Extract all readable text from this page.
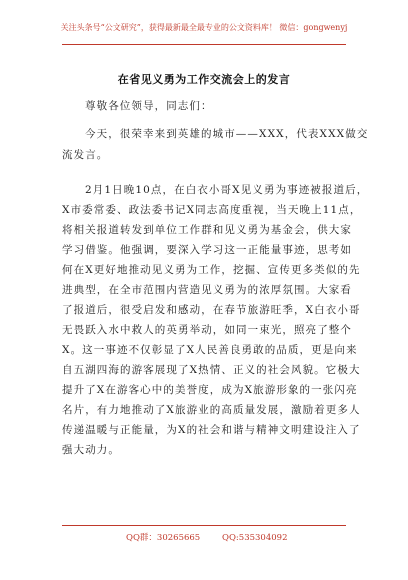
关注头条号“公文研究”，获得最新最全最专业的公文资料库！ 微信：gongwenyj
在省见义勇为工作交流会上的发言
尊敬各位领导，同志们：
今天，很荣幸来到英雄的城市——XXX，代表XXX做交
流发言。
2月1日晚10点，在白衣小哥X见义勇为事迹被报道后，
X市委常委、政法委书记X同志高度重视，当天晚上11点，
将相关报道转发到单位工作群和见义勇为基金会，供大家
学习借鉴。他强调，要深入学习这一正能量事迹，思考如
何在X更好地推动见义勇为工作，挖掘、宣传更多类似的先
进典型，在全市范围内营造见义勇为的浓厚氛围。大家看
了报道后，很受启发和感动，在春节旅游旺季，X白衣小哥
无畏跃入水中救人的英勇举动，如同一束光，照亮了整个
X。这一事迹不仅彰显了X人民善良勇敢的品质，更是向来
自五湖四海的游客展现了X热情、正义的社会风貌。它极大
提升了X在游客心中的美誉度，成为X旅游形象的一张闪亮
名片，有力地推动了X旅游业的高质量发展，激励着更多人
传递温暖与正能量，为X的社会和谐与精神文明建设注入了
强大动力。
QQ群：30265665	QQ:535304092
